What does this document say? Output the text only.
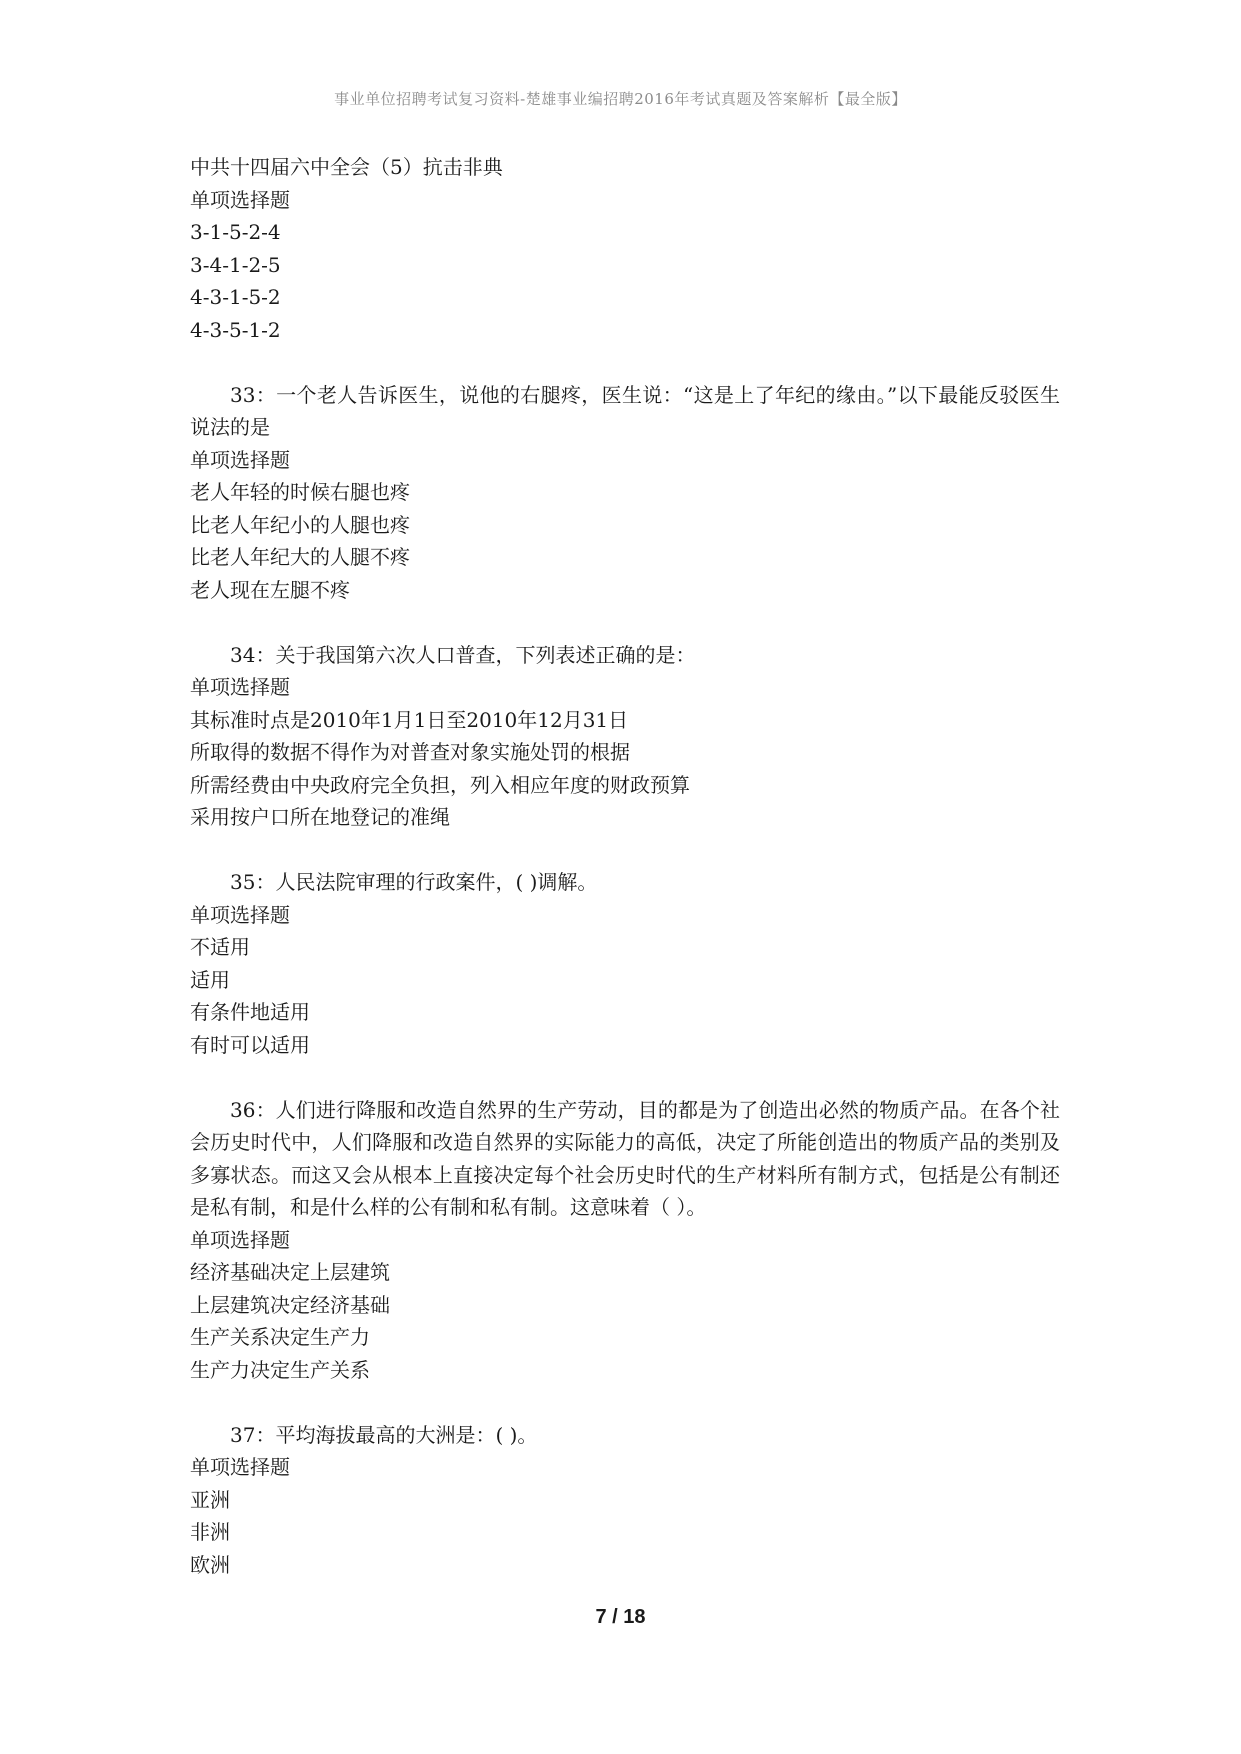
事业单位招聘考试复习资料-楚雄事业编招聘2016年考试真题及答案解析【最全版】
中共十四届六中全会（5）抗击非典
单项选择题
3-1-5-2-4
3-4-1-2-5
4-3-1-5-2
4-3-5-1-2
33：一个老人告诉医生，说他的右腿疼，医生说：“这是上了年纪的缘由。”以下最能反驳医生说法的是
单项选择题
老人年轻的时候右腿也疼
比老人年纪小的人腿也疼
比老人年纪大的人腿不疼
老人现在左腿不疼
34：关于我国第六次人口普查，下列表述正确的是：
单项选择题
其标准时点是2010年1月1日至2010年12月31日
所取得的数据不得作为对普查对象实施处罚的根据
所需经费由中央政府完全负担，列入相应年度的财政预算
采用按户口所在地登记的准绳
35：人民法院审理的行政案件，( )调解。
单项选择题
不适用
适用
有条件地适用
有时可以适用
36：人们进行降服和改造自然界的生产劳动，目的都是为了创造出必然的物质产品。在各个社会历史时代中，人们降服和改造自然界的实际能力的高低，决定了所能创造出的物质产品的类别及多寡状态。而这又会从根本上直接决定每个社会历史时代的生产材料所有制方式，包括是公有制还是私有制，和是什么样的公有制和私有制。这意味着（ ）。
单项选择题
经济基础决定上层建筑
上层建筑决定经济基础
生产关系决定生产力
生产力决定生产关系
37：平均海拔最高的大洲是：( )。
单项选择题
亚洲
非洲
欧洲
7 / 18
